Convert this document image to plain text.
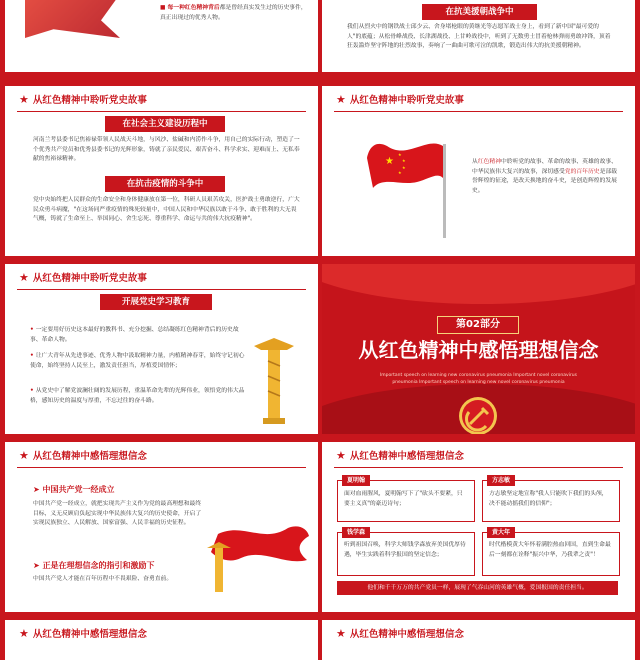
■ 每一种红色精神背后都是曾经真实发生过的历史事件，真正出现过的优秀人物。
在抗美援朝战争中
我们从烈火中的钢铁战士邱少云、舍身堵枪眼的黄继光等志愿军战士身上，看到了新中国"最可爱的人"的底蕴；从松骨峰战役、长津湖战役、上甘岭战役中，听到了无数勇士冒着枪林弹雨勇敢冲锋，顶着狂轰滥炸坚守阵地的壮烈故事，奏响了一曲曲可歌可泣的凯歌，锻造出伟大的抗美援朝精神。
★ 从红色精神中聆听党史故事
在社会主义建设历程中
河南兰考县委书记焦裕禄带领人民战天斗地，与风沙、盐碱和内涝作斗争，用自己的实际行动，塑造了一个优秀共产党员和优秀县委书记的光辉形象，铸就了亲民爱民、艰苦奋斗、科学求实、迎难而上、无私奉献的焦裕禄精神。
在抗击疫情的斗争中
党中央始终把人民群众的生命安全和身体健康放在第一位，科研人员艰苦攻关，医护战士勇敢逆行，广大民众勇斗病魔，"在这场同严重疫情的殊死较量中，中国人民和中华民族以敢于斗争、敢于胜利的大无畏气概，铸就了生命至上、举国同心、舍生忘死、尊重科学、命运与共的伟大抗疫精神"。
★ 从红色精神中聆听党史故事
★
★
★
★
★
从红色精神中聆听党的故事、革命的故事、英雄的故事、中华民族伟大复兴的故事，深切感受党的百年历史是部载誉辉煌的征途，是改天换地的奋斗史，是创造辉煌的发展史。
★ 从红色精神中聆听党史故事
开展党史学习教育
• 一定要用好历史这本最好的教科书、充分挖掘、总结凝练红色精神背后的历史故事、革命人物。
• 让广大青年从先进事迹、优秀人物中汲取精神力量，内植精神春芽，始终守记初心使命，始终坚持人民至上，激发责任担当，厚植爱国情怀；
• 从党史中了解党波澜壮阔的发展历程，重温革命先辈的光辉伟业，领悟党的伟大品格，感知历史的温度与厚重，不忘过往的奋斗路。
第02部分
从红色精神中感悟理想信念
Important speech on learning new coronavirus pneumonia Important novel coronavirus pneumonia Important speech on learning new novel coronavirus pneumonia
★ 从红色精神中感悟理想信念
➤ 中国共产党一经成立
中国共产党一经成立，就把实现共产主义作为党的最高理想和最终目标，义无反顾肩负起实现中华民族伟大复兴的历史使命，开启了实现民族独立、人民解放、国家富强、人民幸福的历史征程。
➤ 正是在理想信念的指引和激励下
中国共产党人才能在百年历程中不畏艰险、奋勇直前。
★ 从红色精神中感悟理想信念
夏明翰
面对血雨腥风，夏明翰写下了"砍头不要紧，只要主义真"的豪迈诗句；
方志敏
方志敏坚定地宣称"我人只能吹下我们的头颅，决不能动摇我们的信仰"；
钱学森
听到祖国召唤，科学大师钱学森放弃美国优厚待遇，毕生实践着科学报国的坚定信念；
黄大年
时代楷模黄大年怀着满腔热血回国，直到生命最后一刻都在诠释"振兴中华，乃我辈之责"！
他们和千千万万的共产党员一样，展现了气吞山河的英雄气概，爱国报国的责任担当。
★ 从红色精神中感悟理想信念	★ 从红色精神中感悟理想信念
